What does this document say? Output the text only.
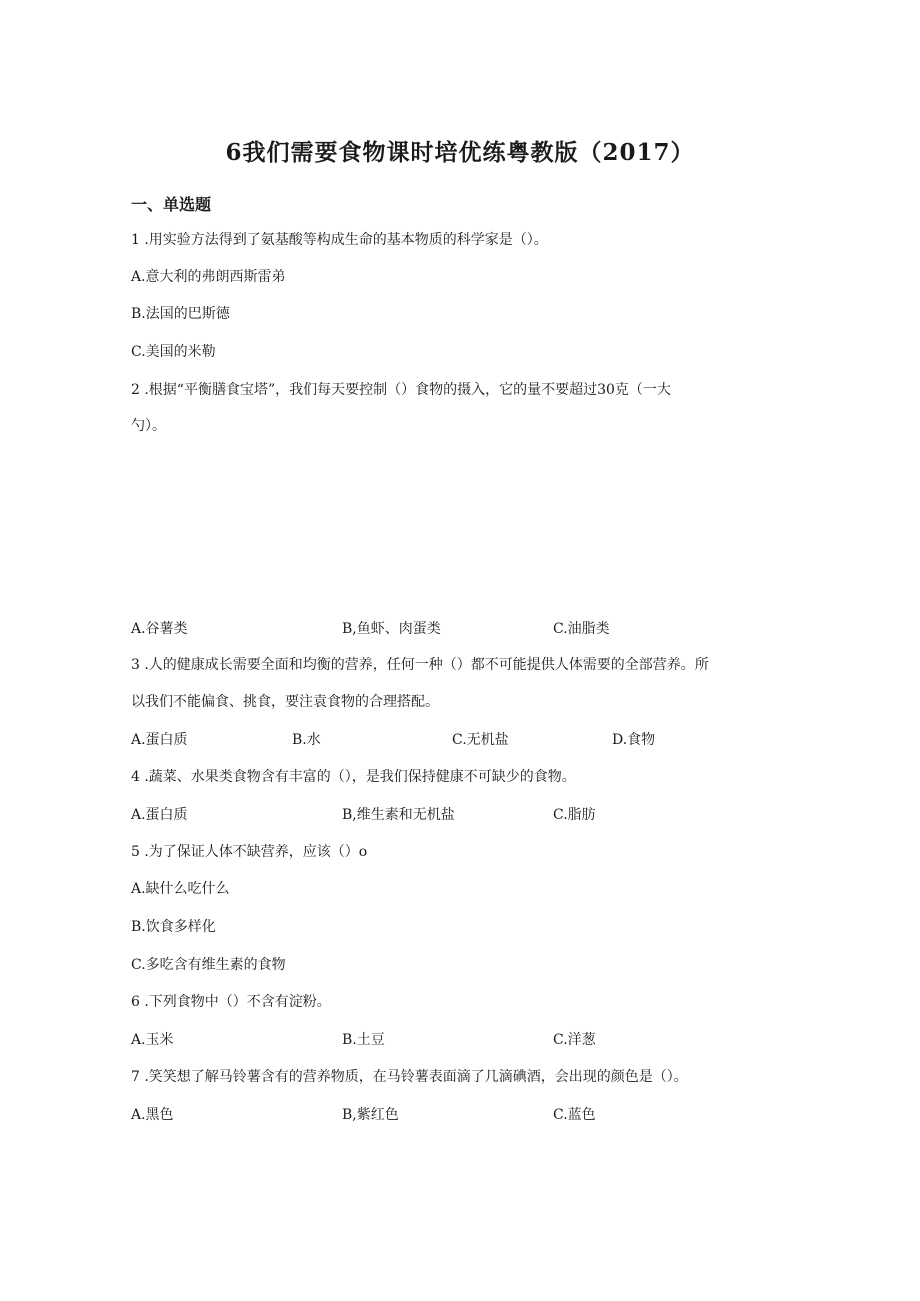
6我们需要食物课时培优练粤教版（2017）
一、单选题
1 .用实验方法得到了氨基酸等构成生命的基本物质的科学家是（）。
A.意大利的弗朗西斯雷弟
B.法国的巴斯德
C.美国的米勒
2 .根据“平衡膳食宝塔”，我们每天要控制（）食物的摄入，它的量不要超过30克（一大
勺）。
A.谷薯类	B,鱼虾、肉蛋类	C.油脂类
3 .人的健康成长需要全面和均衡的营养，任何一种（）都不可能提供人体需要的全部营养。所
以我们不能偏食、挑食，要注袁食物的合理搭配。
A.蛋白质	B.水	C.无机盐	D.食物
4 .蔬菜、水果类食物含有丰富的（），是我们保持健康不可缺少的食物。
A.蛋白质	B,维生素和无机盐	C.脂肪
5 .为了保证人体不缺营养，应该（）o
A.缺什么吃什么
B.饮食多样化
C.多吃含有维生素的食物
6 .下列食物中（）不含有淀粉。
A.玉米	B.土豆	C.洋葱
7 .笑笑想了解马铃薯含有的营养物质，在马铃薯表面滴了几滴碘酒，会出现的颜色是（）。
A.黑色	B,紫红色	C.蓝色
